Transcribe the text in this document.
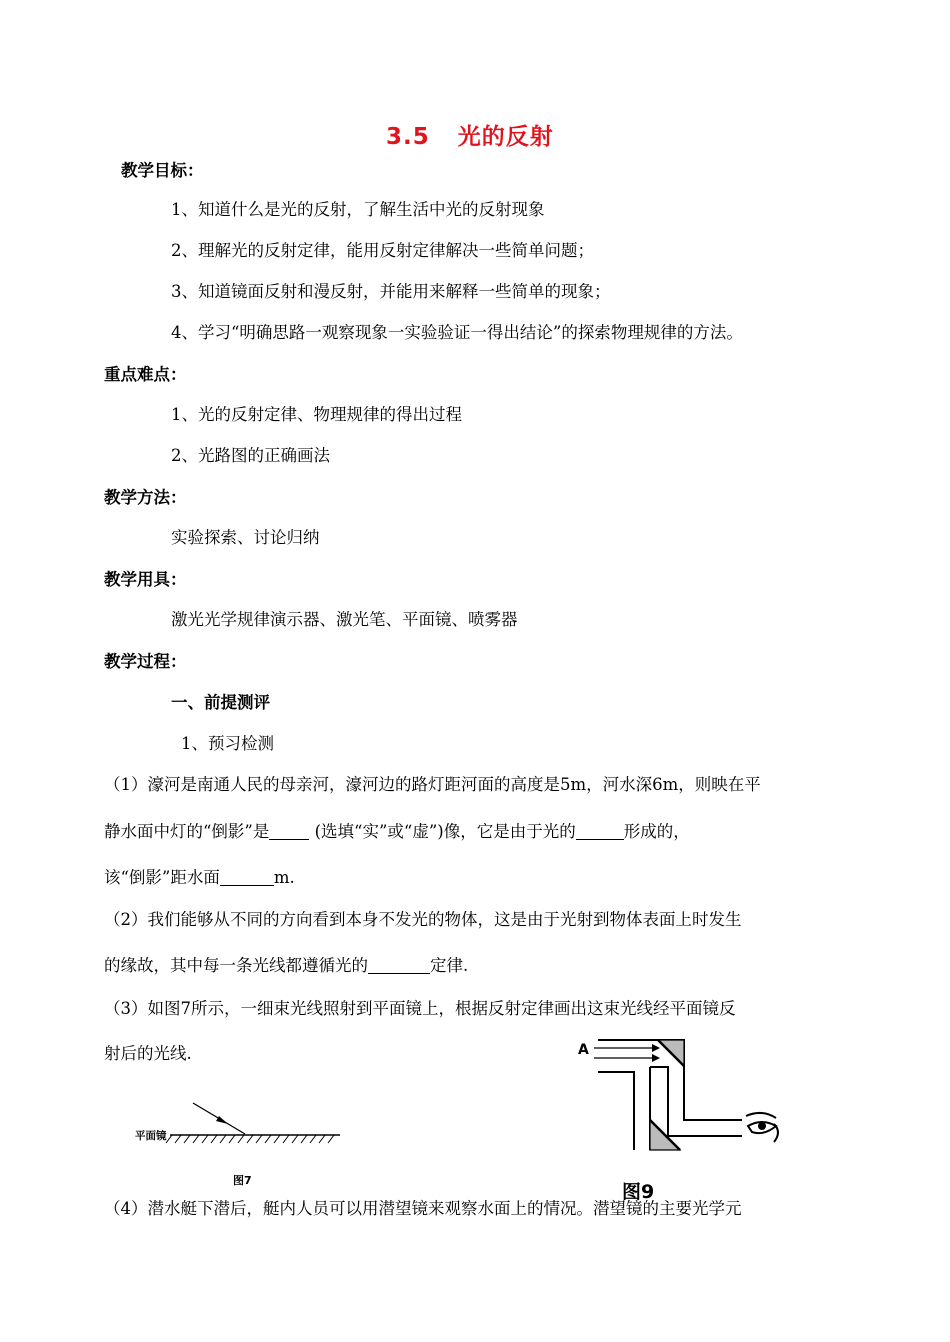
3.5 光的反射
教学目标：
1、知道什么是光的反射，了解生活中光的反射现象
2、理解光的反射定律，能用反射定律解决一些简单问题；
3、知道镜面反射和漫反射，并能用来解释一些简单的现象；
4、学习“明确思路一观察现象一实验验证一得出结论”的探索物理规律的方法。
重点难点：
1、光的反射定律、物理规律的得出过程
2、光路图的正确画法
教学方法：
实验探索、讨论归纳
教学用具：
激光光学规律演示器、激光笔、平面镜、喷雾器
教学过程：
一、前提测评
1、预习检测
（1）濠河是南通人民的母亲河，濠河边的路灯距河面的高度是5m，河水深6m，则映在平
静水面中灯的“倒影”是 (选填“实”或“虚”)像，它是由于光的	形成的，
该“倒影”距水面	m.
（2）我们能够从不同的方向看到本身不发光的物体，这是由于光射到物体表面上时发生
的缘故，其中每一条光线都遵循光的	定律.
（3）如图7所示，一细束光线照射到平面镜上，根据反射定律画出这束光线经平面镜反
射后的光线.
平面镜
图7
A
图9
（4）潜水艇下潜后，艇内人员可以用潜望镜来观察水面上的情况。潜望镜的主要光学元
